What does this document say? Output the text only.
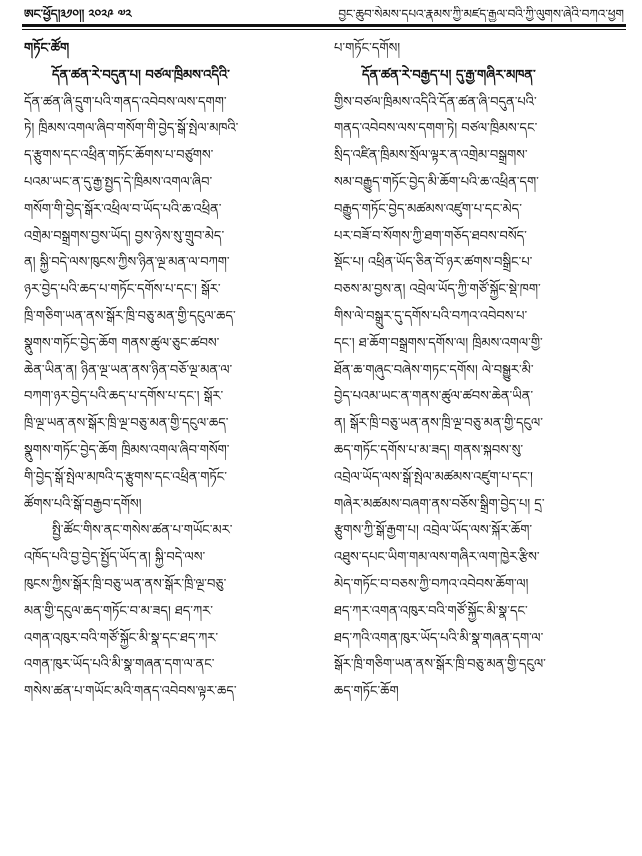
ཨང་ཕྱོད།༣༡༠།། ༢༠༢༩ ༧༢	བྱང་ཆུབ་སེམས་དཔའ་རྣམས་ཀྱི་མཛད་རྒྱལ་བའི་ཀྱི་ལུགས་ཞེའི་བཀའ་ཕྱག
གཏོང་ཚོག
དོན་ཚན་རེ་བདུན་པ། བཙལ་ཁྲིམས་འདིའི་
དོན་ཚན་ཞི་དྲུག་པའི་གནད་འབེབས་ལས་དགག་
ཏེ། ཁྲིམས་འགལ་ཞིབ་གསོག་གི་བྱེད་སྒོ་སྤེལ་མཁའི་
ད་རྩུགས་དང་འཕྲིན་གཏོང་ཆོགས་པ་བཙུགས་
པའམ་ཡང་ན་དུ་རྒྱ་སྤྱད་དེ་ཁྲིམས་འགལ་ཞིབ་
གསོག་གི་བྱེད་སྒོར་འཕྲིལ་བ་ཡོད་པའི་ཆ་འཕྲིན་
འགྲེམ་བསྒྲགས་བྱས་ཡོད། བྱས་ཉེས་སུ་གྲུབ་མེད་
ན། སྐྱི་བདེ་ལས་ཁུངས་ཀྱིས་ཉིན་ལྔ་མན་ལ་བཀག་
ཉར་བྱེད་པའི་ཆད་པ་གཏོང་དགོས་པ་དང་། སྒོར་
ཁྲི་གཅིག་ཡན་ནས་སྒོར་ཁྲི་བཅུ་མན་གྱི་དངུལ་ཆད་
སྣུགས་གཏོང་བྱེད་ཆོག གནས་ཚུལ་ཅུང་ཚབས་
ཆེན་ཡིན་ན། ཉིན་ལྔ་ཡན་ནས་ཉིན་བཅོ་ལྔ་མན་ལ་
བཀག་ཉར་བྱེད་པའི་ཆད་པ་དགོས་པ་དང་། སྒོར་
ཁྲི་ལྔ་ཡན་ནས་སྒོར་ཁྲི་ལྔ་བཅུ་མན་གྱི་དངུལ་ཆད་
སྣུགས་གཏོང་བྱེད་ཆོག ཁྲིམས་འགལ་ཞིབ་གསོག་
གི་བྱེད་སྒོ་སྤེལ་མཁའི་ད་རྩུགས་དང་འཕྲིན་གཏོང་
ཚོགས་པའི་སྒོ་བརྒྱབ་དགོས།
སྤྱི་ཚོང་གིས་ནང་གསེས་ཚན་པ་གཡོང་མར་
འཁོད་པའི་བྱ་བྱེད་སྤྱོད་ཡོད་ན། སྐྱི་བདེ་ལས་
ཁུངས་ཀྱིས་སྒོར་ཁྲི་བཅུ་ཡན་ནས་སྒོར་ཁྲི་ལྔ་བཅུ་
མན་གྱི་དངུལ་ཆད་གཏོང་བ་མ་ཟད། ཐད་ཀར་
འགན་འཁུར་བའི་གཙོ་སྐྱོང་མི་སྣ་དང་ཐད་ཀར་
འགན་ཁུར་ཡོད་པའི་མི་སྣ་གཞན་དག་ལ་ནང་
གསེས་ཚན་པ་གཡོང་མའི་གནད་འབེབས་ལྟར་ཆད་
པ་གཏོང་དགོས།
དོན་ཚན་རེ་བརྒྱད་པ། དུ་རྒྱ་གཞིར་མཁན་
གྱིས་བཙལ་ཁྲིམས་འདིའི་དོན་ཚན་ཞི་བདུན་པའི་
གནད་འབེབས་ལས་དགག་ཏེ། བཙལ་ཁྲིམས་དང་
སྲིད་འཛིན་ཁྲིམས་སྲོལ་ལྟར་ན་འགྲེམ་བསྒྲགས་
སམ་བརྒྱུད་གཏོང་བྱེད་མི་ཆོག་པའི་ཆ་འཕྲིན་དག་
བརྒྱུད་གཏོང་བྱེད་མཚམས་འཛུག་པ་དང་མེད་
པར་བཟོ་བ་སོགས་ཀྱི་ཐག་གཅོད་ཐབས་བསོད་
སྡོང་པ། འཕྲིན་ཡོད་ཅིན་བོ་ཉར་ཚགས་བསྒྲིང་པ་
བཅས་མ་བྱས་ན། འབྲེལ་ཡོད་ཀྱི་གཙོ་སྐྱོང་སྡེ་ཁག་
གིས་ལེ་བསྒྲུར་དུ་དགོས་པའི་བཀའ་འབེབས་པ་
དང་། ཐ་ཆོག་བསྒྲགས་དགོས་ལ། ཁྲིམས་འགལ་གྱི་
ཐོན་ཆ་གཞུང་བཞེས་གཏང་དགོས། ལེ་བསྒྱུར་མི་
བྱེད་པའམ་ཡང་ན་གནས་ཚུལ་ཚབས་ཆེན་ཡིན་
ན། སྒོར་ཁྲི་བཅུ་ཡན་ནས་ཁྲི་ལྔ་བཅུ་མན་གྱི་དངུལ་
ཆད་གཏོང་དགོས་པ་མ་ཟད། གནས་སྐབས་སུ་
འབྲེལ་ཡོད་ལས་སྒོ་སྤེལ་མཚམས་འཛུག་པ་དང་།
གཞེར་མཚམས་བཞག་ནས་བཅོས་སྒྲིག་བྱེད་པ། དྲ་
རྩུགས་ཀྱི་སྒོ་རྒྱག་པ། འབྲེལ་ཡོད་ལས་སྐོར་ཆོག་
འཐུས་དཔང་ཡིག་གམ་ལས་གཞིར་ལག་ཁྱེར་རྩིས་
མེད་གཏོང་བ་བཅས་ཀྱི་བཀའ་འབེབས་ཆོག་ལ།
ཐད་ཀར་འགན་འཁུར་བའི་གཙོ་སྐྱོང་མི་སྣ་དང་
ཐད་ཀའི་འགན་ཁུར་ཡོད་པའི་མི་སྣ་གཞན་དག་ལ་
སྒོར་ཁྲི་གཅིག་ཡན་ནས་སྒོར་ཁྲི་བཅུ་མན་གྱི་དངུལ་
ཆད་གཏོང་ཆོག
